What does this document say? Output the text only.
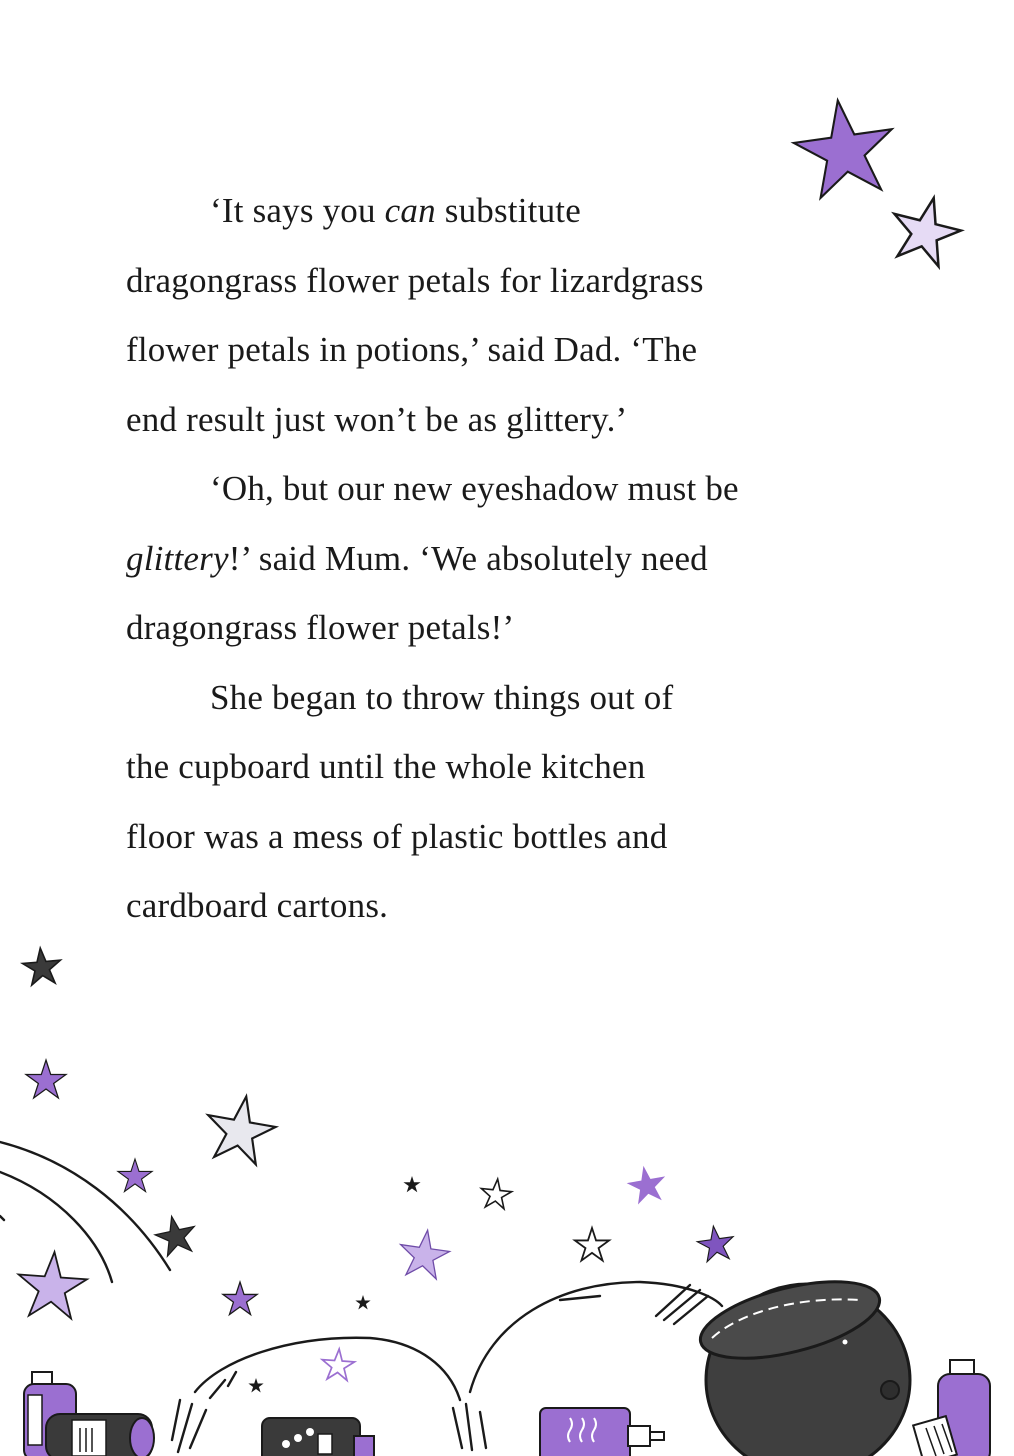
‘It says you can substitute
dragongrass flower petals for lizardgrass
flower petals in potions,’ said Dad. ‘The
end result just won’t be as glittery.’

‘Oh, but our new eyeshadow must be
glittery!’ said Mum. ‘We absolutely need
dragongrass flower petals!’

She began to throw things out of
the cupboard until the whole kitchen
floor was a mess of plastic bottles and
cardboard cartons.
